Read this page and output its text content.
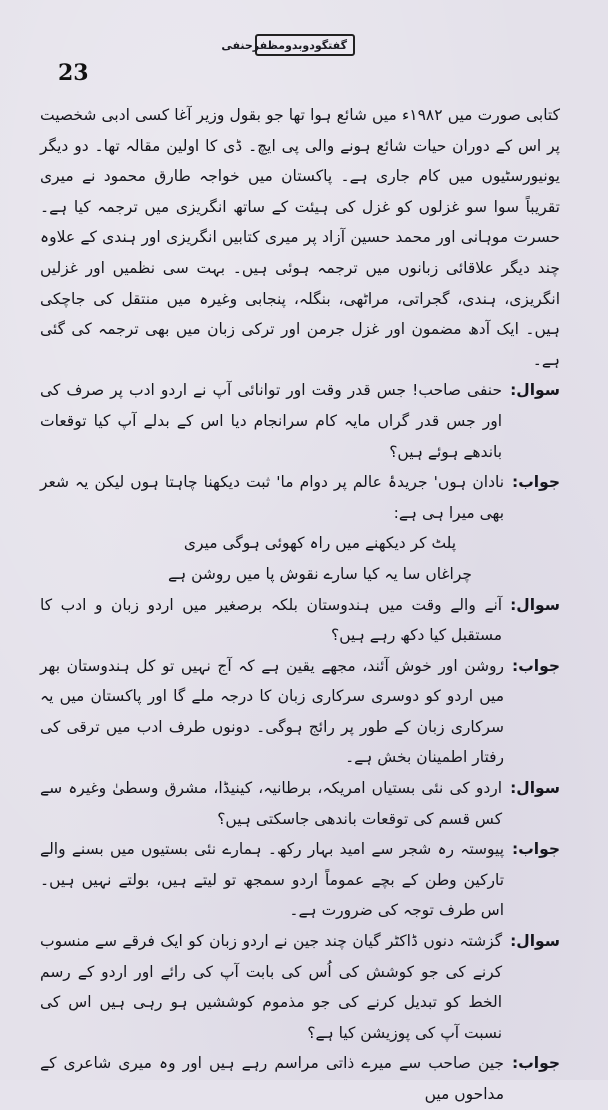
23
گفتگو
دوبدو
مظفرحنفی
کتابی صورت میں ۱۹۸۲ء میں شائع ہوا تھا جو بقول وزیر آغا کسی ادبی شخصیت پر اس کے دوران حیات شائع ہونے والی پی ایچ۔ ڈی کا اولین مقالہ تھا۔ دو دیگر یونیورسٹیوں میں کام جاری ہے۔ پاکستان میں خواجہ طارق محمود نے میری تقریباً سوا سو غزلوں کو غزل کی ہیئت کے ساتھ انگریزی میں ترجمہ کیا ہے۔ حسرت موہانی اور محمد حسین آزاد پر میری کتابیں انگریزی اور ہندی کے علاوہ چند دیگر علاقائی زبانوں میں ترجمہ ہوئی ہیں۔ بہت سی نظمیں اور غزلیں انگریزی، ہندی، گجراتی، مراٹھی، بنگلہ، پنجابی وغیرہ میں منتقل کی جاچکی ہیں۔ ایک آدھ مضمون اور غزل جرمن اور ترکی زبان میں بھی ترجمہ کی گئی ہے۔
سوال:
حنفی صاحب! جس قدر وقت اور توانائی آپ نے اردو ادب پر صرف کی اور جس قدر گراں مایہ کام سرانجام دیا اس کے بدلے آپ کیا توقعات باندھے ہوئے ہیں؟
جواب:
نادان ہوں' جریدۂ عالم پر دوام ما' ثبت دیکھنا چاہتا ہوں لیکن یہ شعر بھی میرا ہی ہے:
پلٹ کر دیکھنے میں راہ کھوئی ہوگی میری
چراغاں سا یہ کیا سارے نقوش پا میں روشن ہے
سوال:
آنے والے وقت میں ہندوستان بلکہ برصغیر میں اردو زبان و ادب کا مستقبل کیا دکھ رہے ہیں؟
جواب:
روشن اور خوش آئند، مجھے یقین ہے کہ آج نہیں تو کل ہندوستان بھر میں اردو کو دوسری سرکاری زبان کا درجہ ملے گا اور پاکستان میں یہ سرکاری زبان کے طور پر رائج ہوگی۔ دونوں طرف ادب میں ترقی کی رفتار اطمینان بخش ہے۔
سوال:
اردو کی نئی بستیاں امریکہ، برطانیہ، کینیڈا، مشرق وسطیٰ وغیرہ سے کس قسم کی توقعات باندھی جاسکتی ہیں؟
جواب:
پیوستہ رہ شجر سے امید بہار رکھ۔ ہمارے نئی بستیوں میں بسنے والے تارکین وطن کے بچے عموماً اردو سمجھ تو لیتے ہیں، بولتے نہیں ہیں۔ اس طرف توجہ کی ضرورت ہے۔
سوال:
گزشتہ دنوں ڈاکٹر گیان چند جین نے اردو زبان کو ایک فرقے سے منسوب کرنے کی جو کوشش کی اُس کی بابت آپ کی رائے اور اردو کے رسم الخط کو تبدیل کرنے کی جو مذموم کوششیں ہو رہی ہیں اس کی نسبت آپ کی پوزیشن کیا ہے؟
جواب:
جین صاحب سے میرے ذاتی مراسم رہے ہیں اور وہ میری شاعری کے مداحوں میں
